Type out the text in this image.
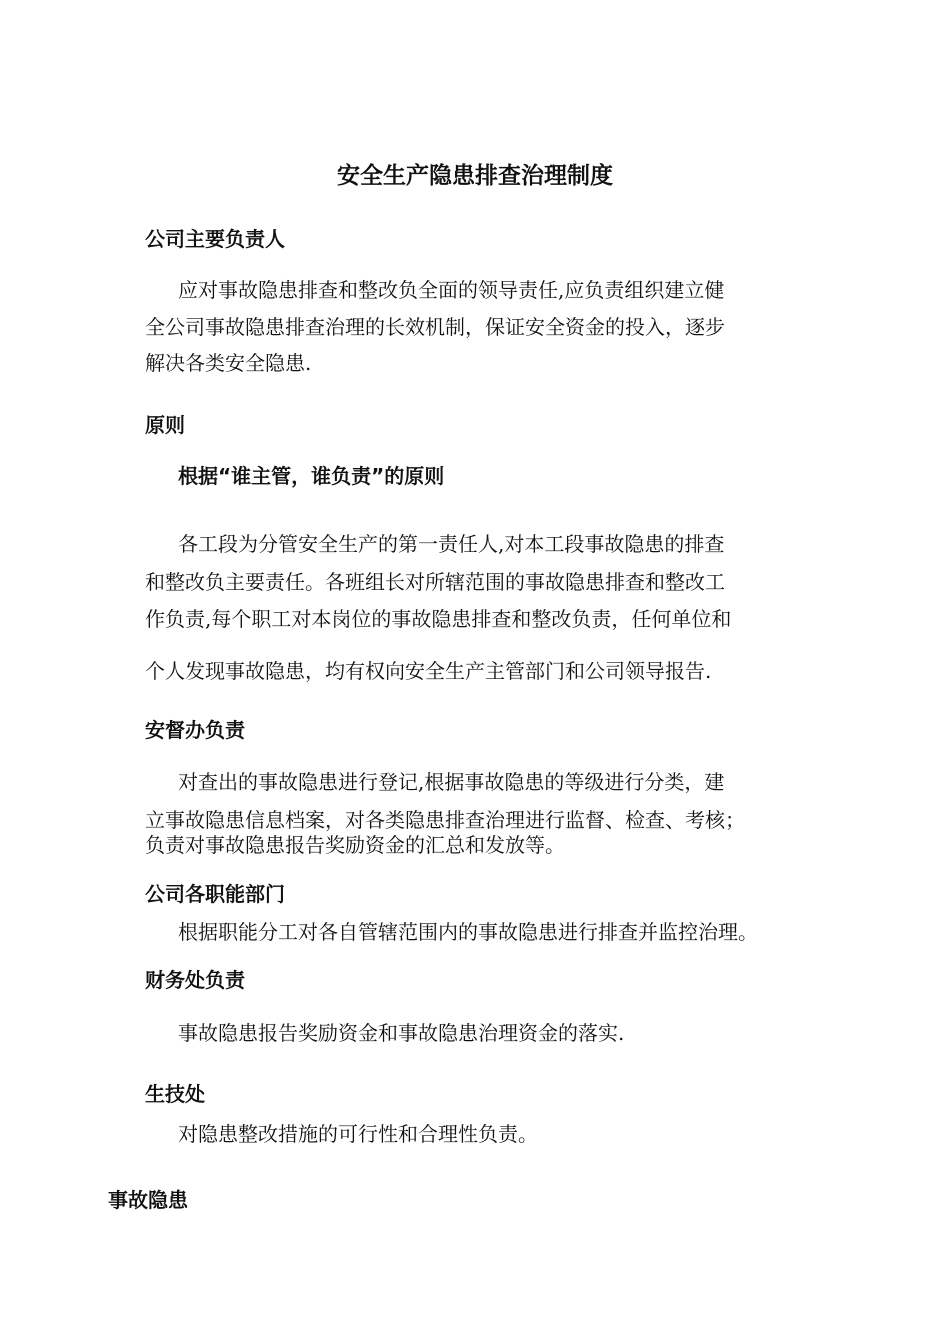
安全生产隐患排查治理制度
公司主要负责人
应对事故隐患排查和整改负全面的领导责任,应负责组织建立健
全公司事故隐患排查治理的长效机制，保证安全资金的投入，逐步
解决各类安全隐患.
原则
根据“谁主管，谁负责”的原则
各工段为分管安全生产的第一责任人,对本工段事故隐患的排查
和整改负主要责任。各班组长对所辖范围的事故隐患排查和整改工
作负责,每个职工对本岗位的事故隐患排查和整改负责，任何单位和
个人发现事故隐患，均有权向安全生产主管部门和公司领导报告.
安督办负责
对查出的事故隐患进行登记,根据事故隐患的等级进行分类，建
立事故隐患信息档案，对各类隐患排查治理进行监督、检查、考核；
负责对事故隐患报告奖励资金的汇总和发放等。
公司各职能部门
根据职能分工对各自管辖范围内的事故隐患进行排查并监控治理。
财务处负责
事故隐患报告奖励资金和事故隐患治理资金的落实.
生技处
对隐患整改措施的可行性和合理性负责。
事故隐患
